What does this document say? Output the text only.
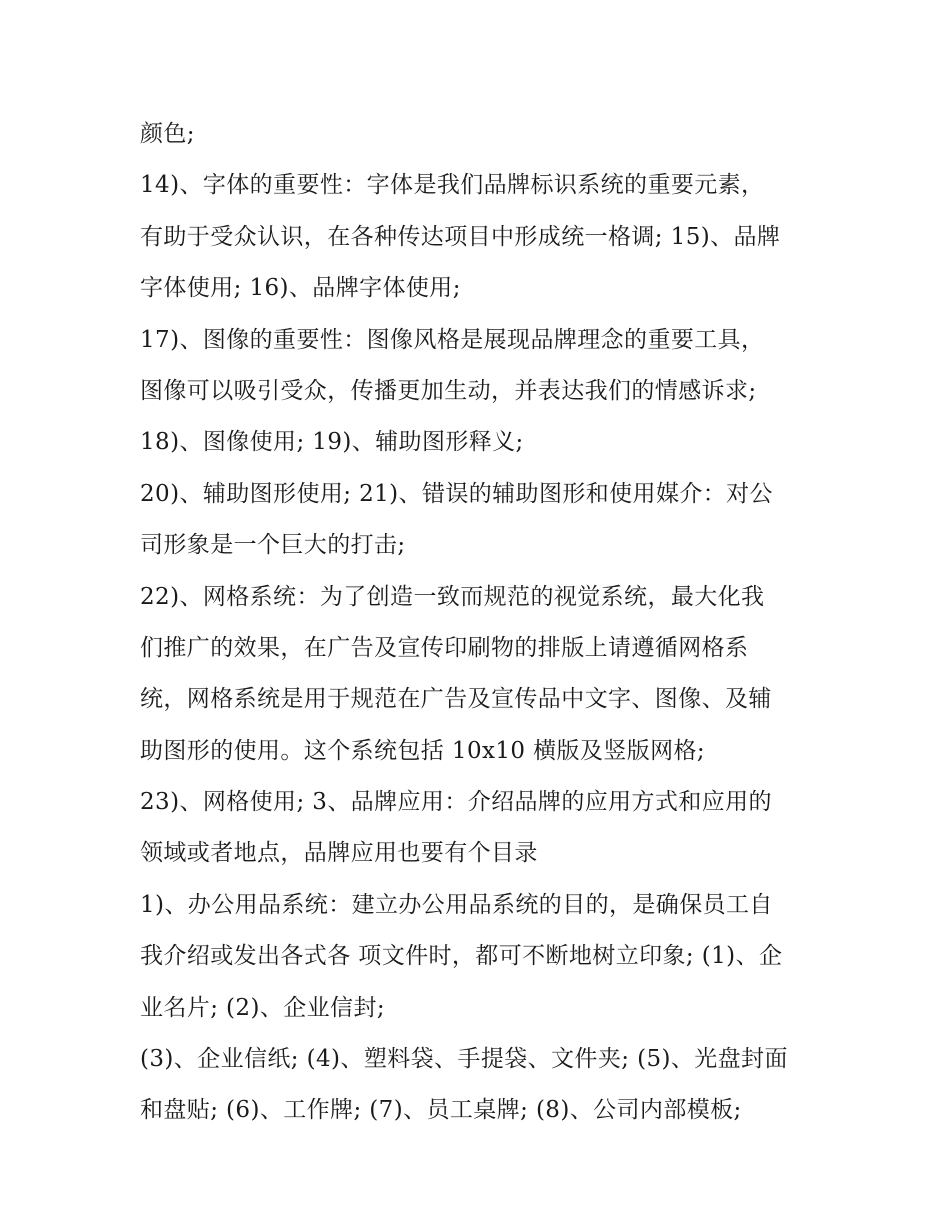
颜色;
14)、字体的重要性：字体是我们品牌标识系统的重要元素，
有助于受众认识，在各种传达项目中形成统一格调; 15)、品牌
字体使用; 16)、品牌字体使用;
17)、图像的重要性：图像风格是展现品牌理念的重要工具，
图像可以吸引受众，传播更加生动，并表达我们的情感诉求;
18)、图像使用; 19)、辅助图形释义;
20)、辅助图形使用; 21)、错误的辅助图形和使用媒介：对公
司形象是一个巨大的打击;
22)、网格系统：为了创造一致而规范的视觉系统，最大化我
们推广的效果，在广告及宣传印刷物的排版上请遵循网格系
统，网格系统是用于规范在广告及宣传品中文字、图像、及辅
助图形的使用。这个系统包括 10x10 横版及竖版网格;
23)、网格使用; 3、品牌应用：介绍品牌的应用方式和应用的
领域或者地点，品牌应用也要有个目录
1)、办公用品系统：建立办公用品系统的目的，是确保员工自
我介绍或发出各式各 项文件时，都可不断地树立印象; (1)、企
业名片; (2)、企业信封;
(3)、企业信纸; (4)、塑料袋、手提袋、文件夹; (5)、光盘封面
和盘贴; (6)、工作牌; (7)、员工桌牌; (8)、公司内部模板;
